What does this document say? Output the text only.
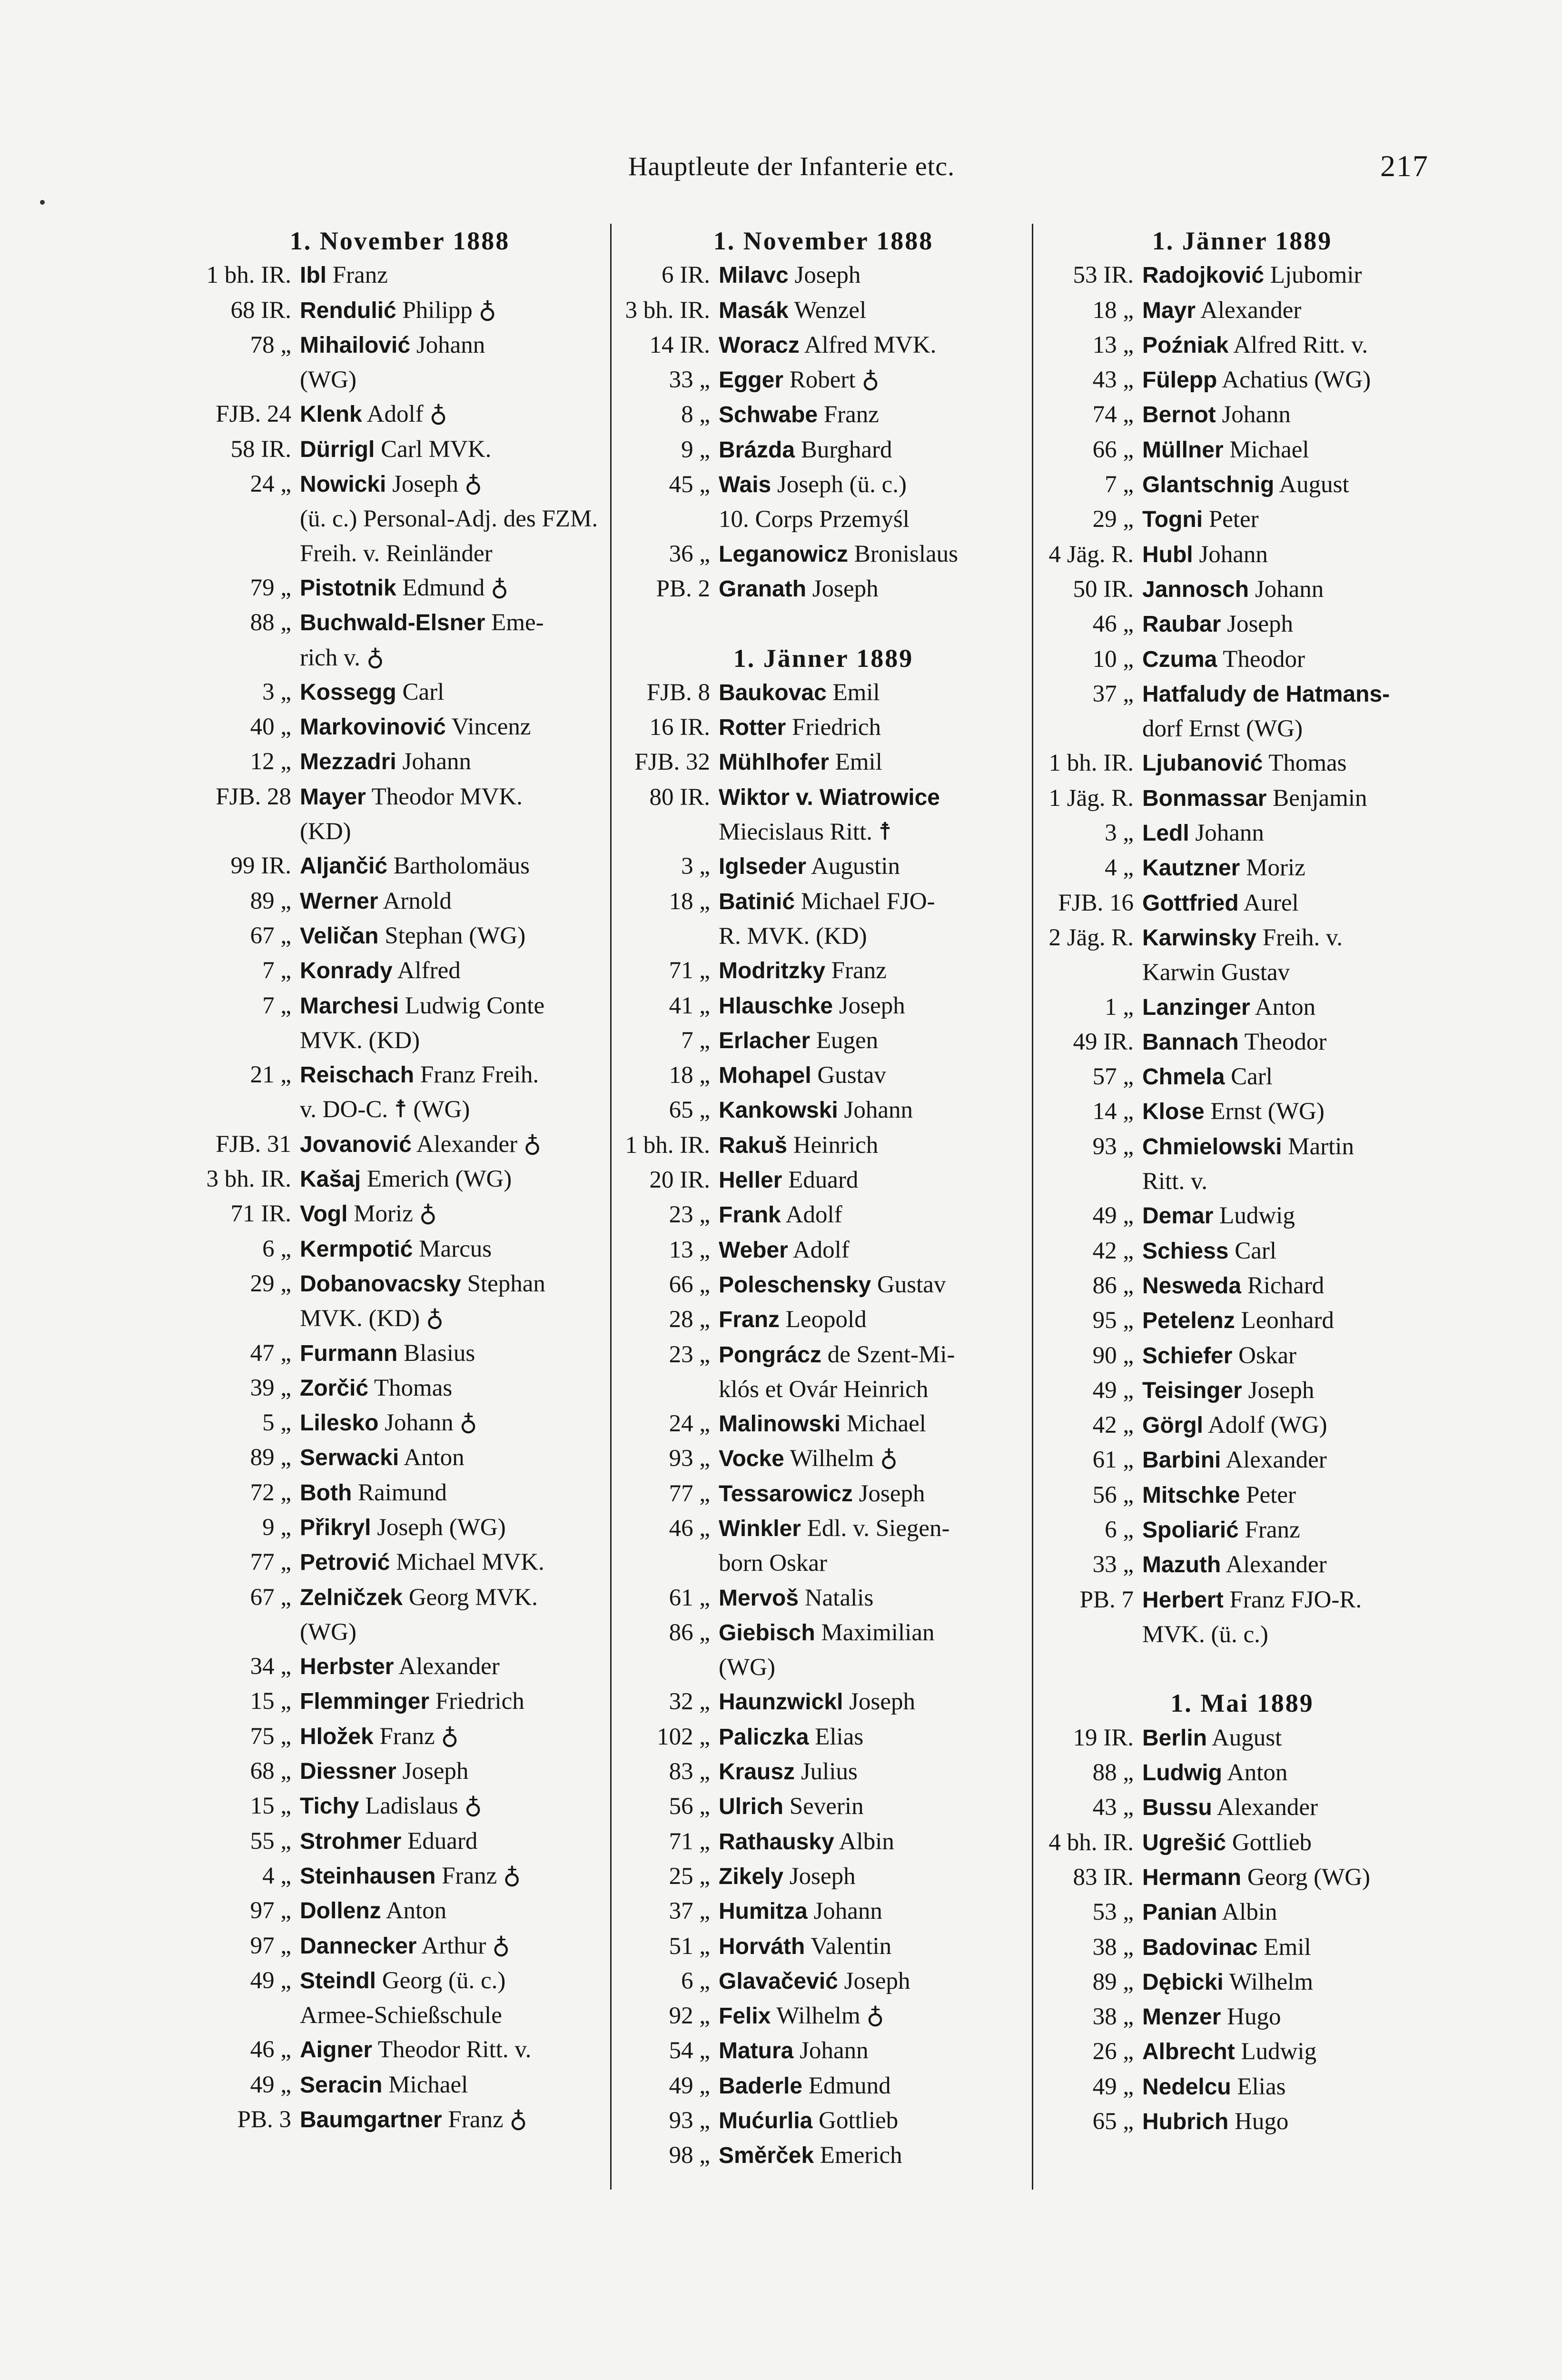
Hauptleute der Infanterie etc.	217
1. November 1888
1 bh. IR. Ibl Franz
68 IR. Rendulić Philipp ♁
78 „ Mihailović Johann
(WG)
FJB. 24 Klenk Adolf ♁
58 IR. Dürrigl Carl MVK.
24 „ Nowicki Joseph ♁
(ü. c.) Personal-Adj. des FZM. Freih. v. Reinländer
79 „ Pistotnik Edmund ♁
88 „ Buchwald-Elsner Eme-
rich v. ♁
3 „ Kossegg Carl
40 „ Markovinović Vincenz
12 „ Mezzadri Johann
FJB. 28 Mayer Theodor MVK.
(KD)
99 IR. Aljančić Bartholomäus
89 „ Werner Arnold
67 „ Veličan Stephan (WG)
7 „ Konrady Alfred
7 „ Marchesi Ludwig Conte
MVK. (KD)
21 „ Reischach Franz Freih.
v. DO-C. ☨ (WG)
FJB. 31 Jovanović Alexander ♁
3 bh. IR. Kašaj Emerich (WG)
71 IR. Vogl Moriz ♁
6 „ Kermpotić Marcus
29 „ Dobanovacsky Stephan
MVK. (KD) ♁
47 „ Furmann Blasius
39 „ Zorčić Thomas
5 „ Lilesko Johann ♁
89 „ Serwacki Anton
72 „ Both Raimund
9 „ Přikryl Joseph (WG)
77 „ Petrović Michael MVK.
67 „ Zelničzek Georg MVK.
(WG)
34 „ Herbster Alexander
15 „ Flemminger Friedrich
75 „ Hložek Franz ♁
68 „ Diessner Joseph
15 „ Tichy Ladislaus ♁
55 „ Strohmer Eduard
4 „ Steinhausen Franz ♁
97 „ Dollenz Anton
97 „ Dannecker Arthur ♁
49 „ Steindl Georg (ü. c.)
Armee-Schießschule
46 „ Aigner Theodor Ritt. v.
49 „ Seracin Michael
PB. 3 Baumgartner Franz ♁
1. November 1888
6 IR. Milavc Joseph
3 bh. IR. Masák Wenzel
14 IR. Woracz Alfred MVK.
33 „ Egger Robert ♁
8 „ Schwabe Franz
9 „ Brázda Burghard
45 „ Wais Joseph (ü. c.)
10. Corps Przemyśl
36 „ Leganowicz Bronislaus
PB. 2 Granath Joseph
1. Jänner 1889
FJB. 8 Baukovac Emil
16 IR. Rotter Friedrich
FJB. 32 Mühlhofer Emil
80 IR. Wiktor v. Wiatrowice
Miecislaus Ritt. ☨
3 „ Iglseder Augustin
18 „ Batinić Michael FJO-
R. MVK. (KD)
71 „ Modritzky Franz
41 „ Hlauschke Joseph
7 „ Erlacher Eugen
18 „ Mohapel Gustav
65 „ Kankowski Johann
1 bh. IR. Rakuš Heinrich
20 IR. Heller Eduard
23 „ Frank Adolf
13 „ Weber Adolf
66 „ Poleschensky Gustav
28 „ Franz Leopold
23 „ Pongrácz de Szent-Mi-
klós et Ovár Heinrich
24 „ Malinowski Michael
93 „ Vocke Wilhelm ♁
77 „ Tessarowicz Joseph
46 „ Winkler Edl. v. Siegen-
born Oskar
61 „ Mervoš Natalis
86 „ Giebisch Maximilian
(WG)
32 „ Haunzwickl Joseph
102 „ Paliczka Elias
83 „ Krausz Julius
56 „ Ulrich Severin
71 „ Rathausky Albin
25 „ Zikely Joseph
37 „ Humitza Johann
51 „ Horváth Valentin
6 „ Glavačević Joseph
92 „ Felix Wilhelm ♁
54 „ Matura Johann
49 „ Baderle Edmund
93 „ Mućurlia Gottlieb
98 „ Směrček Emerich
1. Jänner 1889
53 IR. Radojković Ljubomir
18 „ Mayr Alexander
13 „ Poźniak Alfred Ritt. v.
43 „ Fülepp Achatius (WG)
74 „ Bernot Johann
66 „ Müllner Michael
7 „ Glantschnig August
29 „ Togni Peter
4 Jäg. R. Hubl Johann
50 IR. Jannosch Johann
46 „ Raubar Joseph
10 „ Czuma Theodor
37 „ Hatfaludy de Hatmans-
dorf Ernst (WG)
1 bh. IR. Ljubanović Thomas
1 Jäg. R. Bonmassar Benjamin
3 „ Ledl Johann
4 „ Kautzner Moriz
FJB. 16 Gottfried Aurel
2 Jäg. R. Karwinsky Freih. v.
Karwin Gustav
1 „ Lanzinger Anton
49 IR. Bannach Theodor
57 „ Chmela Carl
14 „ Klose Ernst (WG)
93 „ Chmielowski Martin
Ritt. v.
49 „ Demar Ludwig
42 „ Schiess Carl
86 „ Nesweda Richard
95 „ Petelenz Leonhard
90 „ Schiefer Oskar
49 „ Teisinger Joseph
42 „ Görgl Adolf (WG)
61 „ Barbini Alexander
56 „ Mitschke Peter
6 „ Spoliarić Franz
33 „ Mazuth Alexander
PB. 7 Herbert Franz FJO-R.
MVK. (ü. c.)
1. Mai 1889
19 IR. Berlin August
88 „ Ludwig Anton
43 „ Bussu Alexander
4 bh. IR. Ugrešić Gottlieb
83 IR. Hermann Georg (WG)
53 „ Panian Albin
38 „ Badovinac Emil
89 „ Dębicki Wilhelm
38 „ Menzer Hugo
26 „ Albrecht Ludwig
49 „ Nedelcu Elias
65 „ Hubrich Hugo
